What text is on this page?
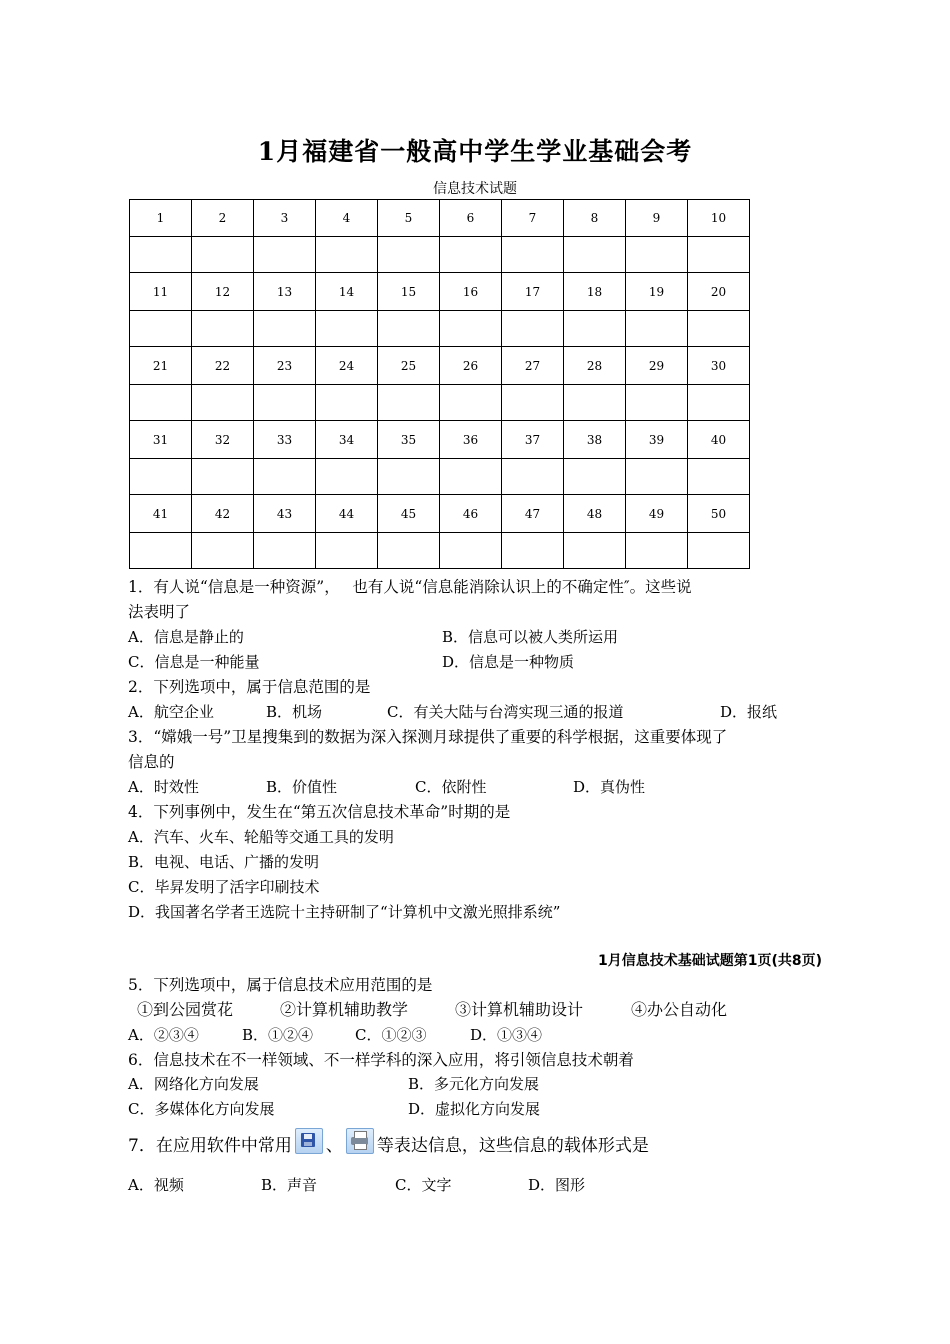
1月福建省一般高中学生学业基础会考
信息技术试题
1	2	3	4	5	6	7	8	9	10

11	12	13	14	15	16	17	18	19	20

21	22	23	24	25	26	27	28	29	30

31	32	33	34	35	36	37	38	39	40

41	42	43	44	45	46	47	48	49	50

1．有人说“信息是一种资源”，　 也有人说“信息能消除认识上的不确定性″。这些说
法表明了
A．信息是静止的	B．信息可以被人类所运用
C．信息是一种能量	D．信息是一种物质
2．下列选项中，属于信息范围的是
A．航空企业	B．机场	C．有关大陆与台湾实现三通的报道	D．报纸
3．“嫦娥一号”卫星搜集到的数据为深入探测月球提供了重要的科学根据，这重要体现了
信息的
A．时效性	B．价值性	C．依附性	D．真伪性
4．下列事例中，发生在“第五次信息技术革命”时期的是
A．汽车、火车、轮船等交通工具的发明
B．电视、电话、广播的发明
C．毕昇发明了活字印刷技术
D．我国著名学者王选院十主持研制了“计算机中文激光照排系统”
1月信息技术基础试题第1页(共8页)
5．下列选项中，属于信息技术应用范围的是
①到公园赏花	②计算机辅助教学	③计算机辅助设计	④办公自动化
A．②③④	B．①②④	C．①②③	D．①③④
6．信息技术在不一样领域、不一样学科的深入应用，将引领信息技术朝着
A．网络化方向发展	B．多元化方向发展
C．多媒体化方向发展	D．虚拟化方向发展
7．在应用软件中常用 、 等表达信息，这些信息的载体形式是
A．视频	B．声音	C．文字	D．图形
